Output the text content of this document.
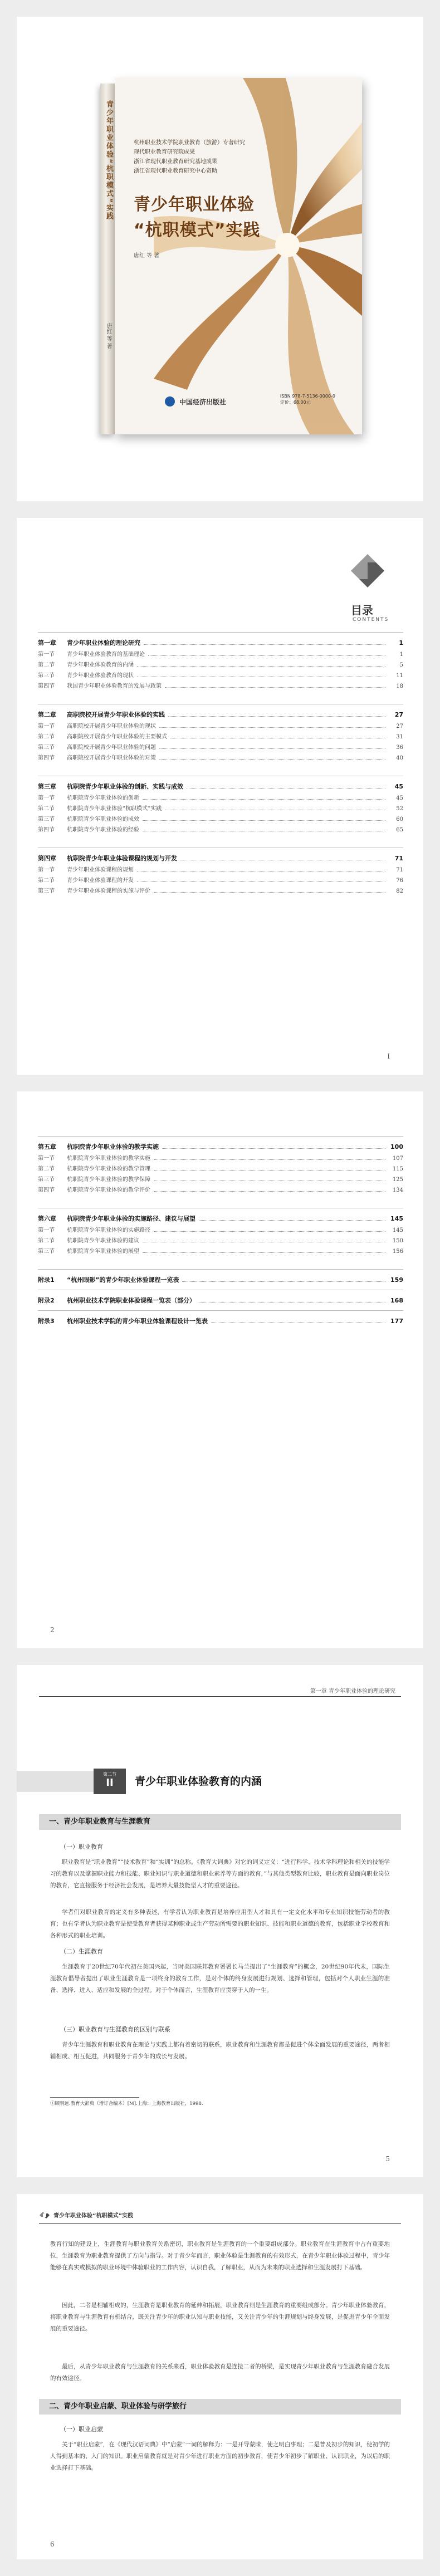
青少年职业体验“杭职模式”实践
唐红 等 著
杭州职业技术学院职业教育（旅游）专著研究
现代职业教育研究院成果
浙江省现代职业教育研究基地成果
浙江省现代职业教育研究中心资助
青少年职业体验
“杭职模式”实践
唐红 等 著
中国经济出版社
ISBN 978-7-5136-0000-0
定价：68.00元
目录
CONTENTS
第一章	青少年职业体验的理论研究	1
第一节	青少年职业体验教育的基础理论	1
第二节	青少年职业体验教育的内涵	5
第三节	青少年职业体验教育的现状	11
第四节	我国青少年职业体验教育的发展与政策	18
第二章	高职院校开展青少年职业体验的实践	27
第一节	高职院校开展青少年职业体验的现状	27
第二节	高职院校开展青少年职业体验的主要模式	31
第三节	高职院校开展青少年职业体验的问题	36
第四节	高职院校开展青少年职业体验的对策	40
第三章	杭职院青少年职业体验的创新、实践与成效	45
第一节	杭职院青少年职业体验的创新	45
第二节	杭职院青少年职业体验“杭职模式”实践	52
第三节	杭职院青少年职业体验的成效	60
第四节	杭职院青少年职业体验的经验	65
第四章	杭职院青少年职业体验课程的规划与开发	71
第一节	青少年职业体验课程的规划	71
第二节	青少年职业体验课程的开发	76
第三节	青少年职业体验课程的实施与评价	82
I
第五章	杭职院青少年职业体验的教学实施	100
第一节	杭职院青少年职业体验的教学实施	107
第二节	杭职院青少年职业体验的教学管理	115
第三节	杭职院青少年职业体验的教学保障	125
第四节	杭职院青少年职业体验的教学评价	134
第六章	杭职院青少年职业体验的实施路径、建议与展望	145
第一节	杭职院青少年职业体验的实施路径	145
第二节	杭职院青少年职业体验的建议	150
第三节	杭职院青少年职业体验的展望	156
附录1	“杭州眼影”的青少年职业体验课程一览表	159
附录2	杭州职业技术学院职业体验课程一览表（部分）	168
附录3	杭州职业技术学院的青少年职业体验课程设计一览表	177
2
第一章 青少年职业体验的理论研究
第二节
II	青少年职业体验教育的内涵
一、青少年职业教育与生涯教育
（一）职业教育
职业教育是“职业教育”“技术教育”和“实训”的总称。《教育大词典》对它的词义定义：“进行科学、技术学科理论和相关的技能学习的教育以及掌握职业能力和技能、职业知识与职业道德和职业素养等方面的教育，”与其他类型教育比较，职业教育是面向职业岗位的教育，它直接服务于经济社会发展，是培养大量技能型人才的重要途径。
学者们对职业教育的定义有多种表述，有学者认为职业教育是培养应用型人才和具有一定文化水平和专业知识技能劳动者的教育；也有学者认为职业教育是使受教育者获得某种职业或生产劳动所需要的职业知识、技能和职业道德的教育，包括职业学校教育和各种形式的职业培训。
（二）生涯教育
生涯教育于20世纪70年代初在美国兴起，当时美国联邦教育署署长马兰提出了“生涯教育”的概念，20世纪90年代末，国际生涯教育倡导者提出了职业生涯教育是一项终身的教育工作，是对个体的终身发展进行规划、选择和管理，包括对个人职业生涯的准备、选择、进入、适应和发展的全过程。对于个体而言，生涯教育应贯穿于人的一生。
（三）职业教育与生涯教育的区别与联系
青少年生涯教育和职业教育在理论与实践上都有着密切的联系，职业教育和生涯教育都是促进个体全面发展的重要途径，两者相辅相成、相互促进，共同服务于青少年的成长与发展。
①顾明远.教育大辞典（增订合编本）[M].上海：上海教育出版社，1998.
5
青少年职业体验“杭职模式”实践
教育行知的建设上，生涯教育与职业教育关系密切，职业教育是生涯教育的一个重要组成部分。职业教育在生涯教育中占有重要地位，生涯教育为职业教育提供了方向与指导。对于青少年而言，职业体验是生涯教育的有效形式，在青少年职业体验过程中，青少年能够在真实或模拟的职业环境中体验职业的工作内容，认识自我，了解职业，从而为未来的职业选择和生涯发展打下基础。
因此，二者是相辅相成的，生涯教育是职业教育的延伸和拓展，职业教育则是生涯教育的重要组成部分。青少年职业体验教育，将职业教育与生涯教育有机结合，既关注青少年的职业认知与职业技能，又关注青少年的生涯规划与终身发展，是促进青少年全面发展的重要途径。
最后，从青少年职业教育与生涯教育的关系来看，职业体验教育是连接二者的桥梁，是实现青少年职业教育与生涯教育融合发展的有效途径。
二、青少年职业启蒙、职业体验与研学旅行
（一）职业启蒙
关于“职业启蒙”，在《现代汉语词典》中“启蒙”一词的解释为：一是开导蒙昧，使之明白事理；二是普及初步的知识，使初学的人得到基本的、入门的知识。职业启蒙教育就是对青少年进行职业方面的初步教育，使青少年初步了解职业、认识职业，为以后的职业选择打下基础。
6
